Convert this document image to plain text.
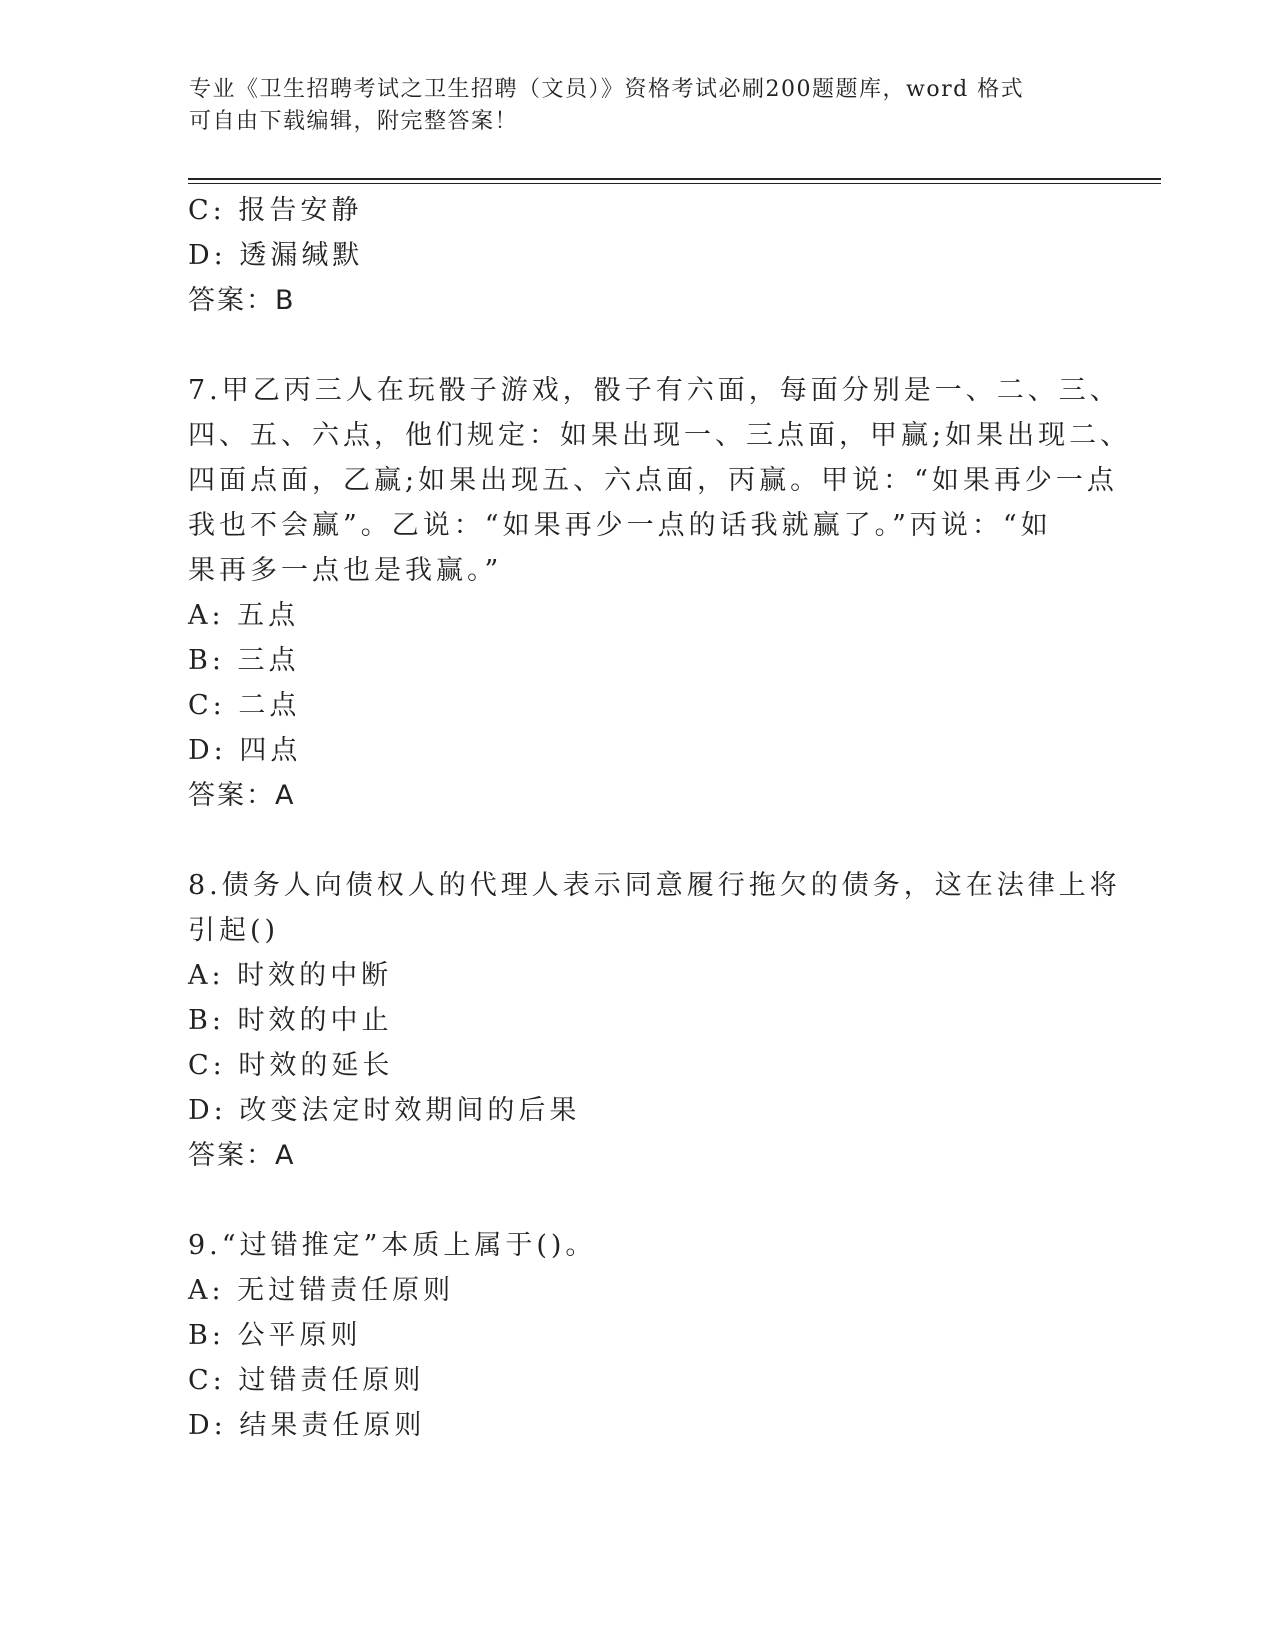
专业《卫生招聘考试之卫生招聘（文员）》资格考试必刷200题题库，word 格式
可自由下载编辑，附完整答案！
C: 报告安静
D: 透漏缄默
答案：B
7.甲乙丙三人在玩骰子游戏，骰子有六面，每面分别是一、二、三、
四、五、六点，他们规定：如果出现一、三点面，甲赢;如果出现二、
四面点面，乙赢;如果出现五、六点面，丙赢。甲说：“如果再少一点
我也不会赢”。乙说：“如果再少一点的话我就赢了。”丙说：“如
果再多一点也是我赢。”
A: 五点
B: 三点
C: 二点
D: 四点
答案：A
8.债务人向债权人的代理人表示同意履行拖欠的债务，这在法律上将
引起()
A: 时效的中断
B: 时效的中止
C: 时效的延长
D: 改变法定时效期间的后果
答案：A
9.“过错推定”本质上属于()。
A: 无过错责任原则
B: 公平原则
C: 过错责任原则
D: 结果责任原则
